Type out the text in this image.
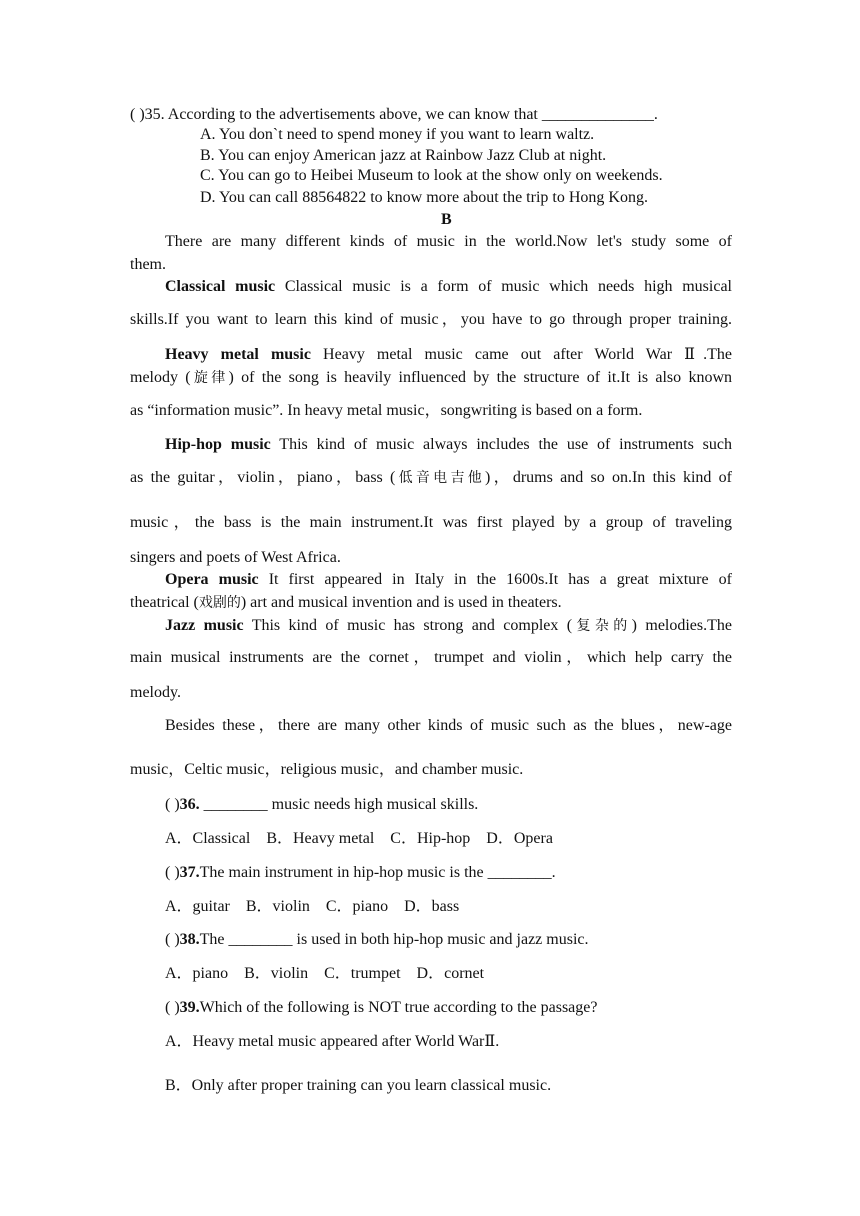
( )35. According to the advertisements above, we can know that ______________.
A. You don`t need to spend money if you want to learn waltz.
B. You can enjoy American jazz at Rainbow Jazz Club at night.
C. You can go to Heibei Museum to look at the show only on weekends.
D. You can call 88564822 to know more about the trip to Hong Kong.
B
There are many different kinds of music in the world.Now let's study some of
them.
Classical music Classical music is a form of music which needs high musical
skills.If you want to learn this kind of music，you have to go through proper training.
Heavy metal music Heavy metal music came out after World War Ⅱ.The
melody (旋律) of the song is heavily influenced by the structure of it.It is also known
as “information music”. In heavy metal music，songwriting is based on a form.
Hip-hop music This kind of music always includes the use of instruments such
as the guitar，violin，piano，bass (低音电吉他)，drums and so on.In this kind of
music，the bass is the main instrument.It was first played by a group of traveling
singers and poets of West Africa.
Opera music It first appeared in Italy in the 1600s.It has a great mixture of
theatrical (戏剧的) art and musical invention and is used in theaters.
Jazz music This kind of music has strong and complex (复杂的) melodies.The
main musical instruments are the cornet，trumpet and violin，which help carry the
melody.
Besides these，there are many other kinds of music such as the blues，new-age
music，Celtic music，religious music，and chamber music.
( )36. ________ music needs high musical skills.
A．Classical    B．Heavy metal    C．Hip-hop    D．Opera
( )37.The main instrument in hip-hop music is the ________.
A．guitar    B．violin    C．piano    D．bass
( )38.The ________ is used in both hip-hop music and jazz music.
A．piano    B．violin    C．trumpet    D．cornet
( )39.Which of the following is NOT true according to the passage?
A．Heavy metal music appeared after World WarⅡ.
B．Only after proper training can you learn classical music.
